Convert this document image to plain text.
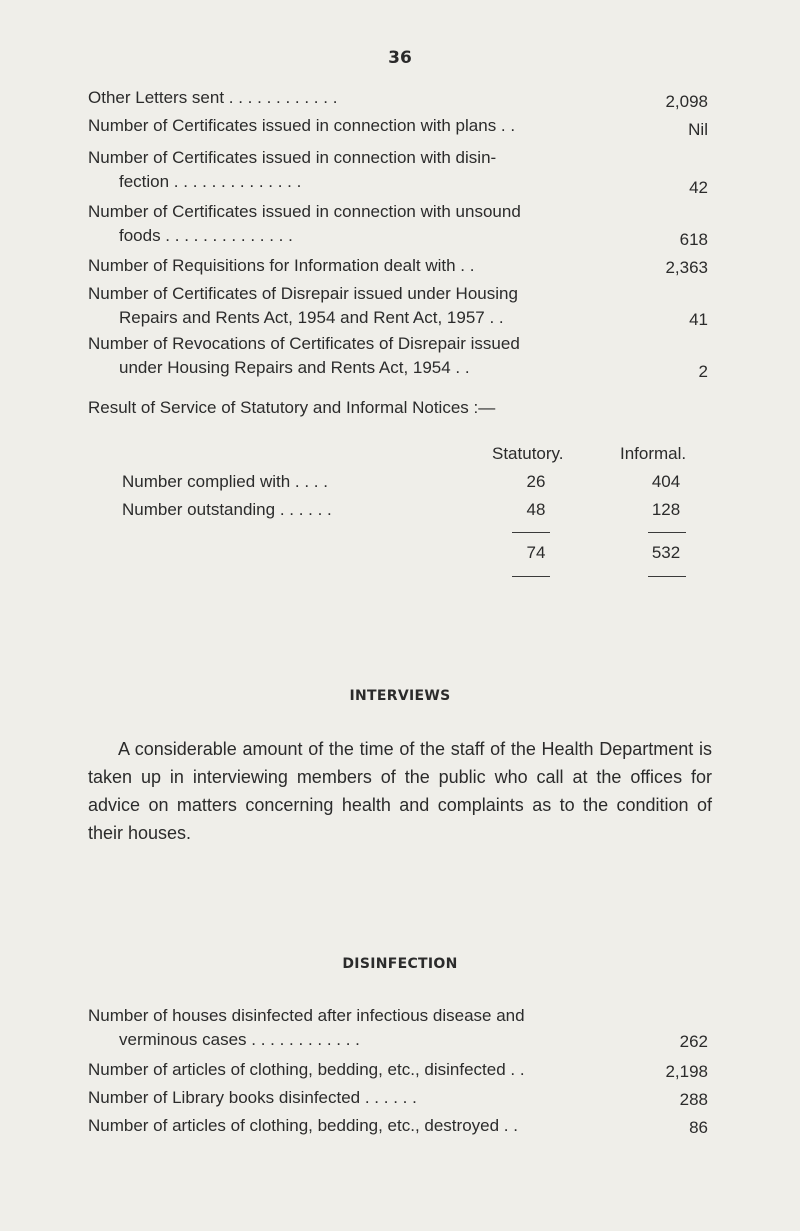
36
Other Letters sent . . . . . . . . . . . .	2,098
Number of Certificates issued in connection with plans . .	Nil
Number of Certificates issued in connection with disin-
fection . . . . . . . . . . . . . .	42
Number of Certificates issued in connection with unsound
foods . . . . . . . . . . . . . .	618
Number of Requisitions for Information dealt with . .	2,363
Number of Certificates of Disrepair issued under Housing
Repairs and Rents Act, 1954 and Rent Act, 1957 . .	41
Number of Revocations of Certificates of Disrepair issued
under Housing Repairs and Rents Act, 1954 . .	2
Result of Service of Statutory and Informal Notices :—
Statutory.	Informal.
Number complied with . . . .	26	404
Number outstanding . . . . . .	48	128
74	532
INTERVIEWS
A considerable amount of the time of the staff of the Health Department is taken up in interviewing members of the public who call at the offices for advice on matters concerning health and complaints as to the condition of their houses.
DISINFECTION
Number of houses disinfected after infectious disease and
verminous cases . . . . . . . . . . . .	262
Number of articles of clothing, bedding, etc., disinfected . .	2,198
Number of Library books disinfected . . . . . .	288
Number of articles of clothing, bedding, etc., destroyed . .	86
